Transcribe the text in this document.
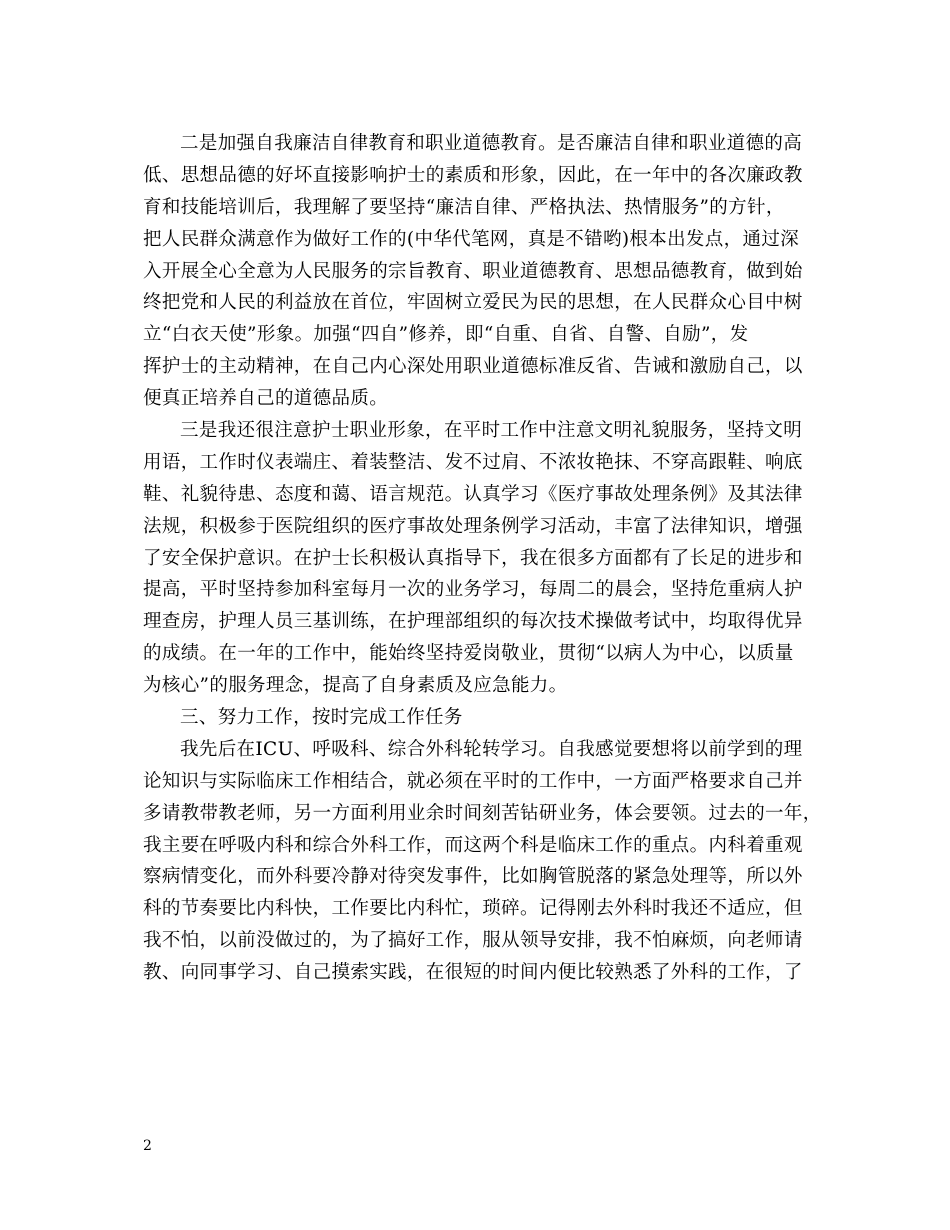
二是加强自我廉洁自律教育和职业道德教育。是否廉洁自律和职业道德的高

低、思想品德的好坏直接影响护士的素质和形象，因此，在一年中的各次廉政教

育和技能培训后，我理解了要坚持“廉洁自律、严格执法、热情服务”的方针，

把人民群众满意作为做好工作的(中华代笔网，真是不错哟)根本出发点，通过深

入开展全心全意为人民服务的宗旨教育、职业道德教育、思想品德教育，做到始

终把党和人民的利益放在首位，牢固树立爱民为民的思想，在人民群众心目中树

立“白衣天使”形象。加强“四自”修养，即“自重、自省、自警、自励”，发

挥护士的主动精神，在自己内心深处用职业道德标准反省、告诫和激励自己，以

便真正培养自己的道德品质。

三是我还很注意护士职业形象，在平时工作中注意文明礼貌服务，坚持文明

用语，工作时仪表端庄、着装整洁、发不过肩、不浓妆艳抹、不穿高跟鞋、响底

鞋、礼貌待患、态度和蔼、语言规范。认真学习《医疗事故处理条例》及其法律

法规，积极参于医院组织的医疗事故处理条例学习活动，丰富了法律知识，增强

了安全保护意识。在护士长积极认真指导下，我在很多方面都有了长足的进步和

提高，平时坚持参加科室每月一次的业务学习，每周二的晨会，坚持危重病人护

理查房，护理人员三基训练，在护理部组织的每次技术操做考试中，均取得优异

的成绩。在一年的工作中，能始终坚持爱岗敬业，贯彻“以病人为中心，以质量

为核心”的服务理念，提高了自身素质及应急能力。

三、努力工作，按时完成工作任务

我先后在ICU、呼吸科、综合外科轮转学习。自我感觉要想将以前学到的理

论知识与实际临床工作相结合，就必须在平时的工作中，一方面严格要求自己并

多请教带教老师，另一方面利用业余时间刻苦钻研业务，体会要领。过去的一年，

我主要在呼吸内科和综合外科工作，而这两个科是临床工作的重点。内科着重观

察病情变化，而外科要冷静对待突发事件，比如胸管脱落的紧急处理等，所以外

科的节奏要比内科快，工作要比内科忙，琐碎。记得刚去外科时我还不适应，但

我不怕，以前没做过的，为了搞好工作，服从领导安排，我不怕麻烦，向老师请

教、向同事学习、自己摸索实践，在很短的时间内便比较熟悉了外科的工作，了

2
